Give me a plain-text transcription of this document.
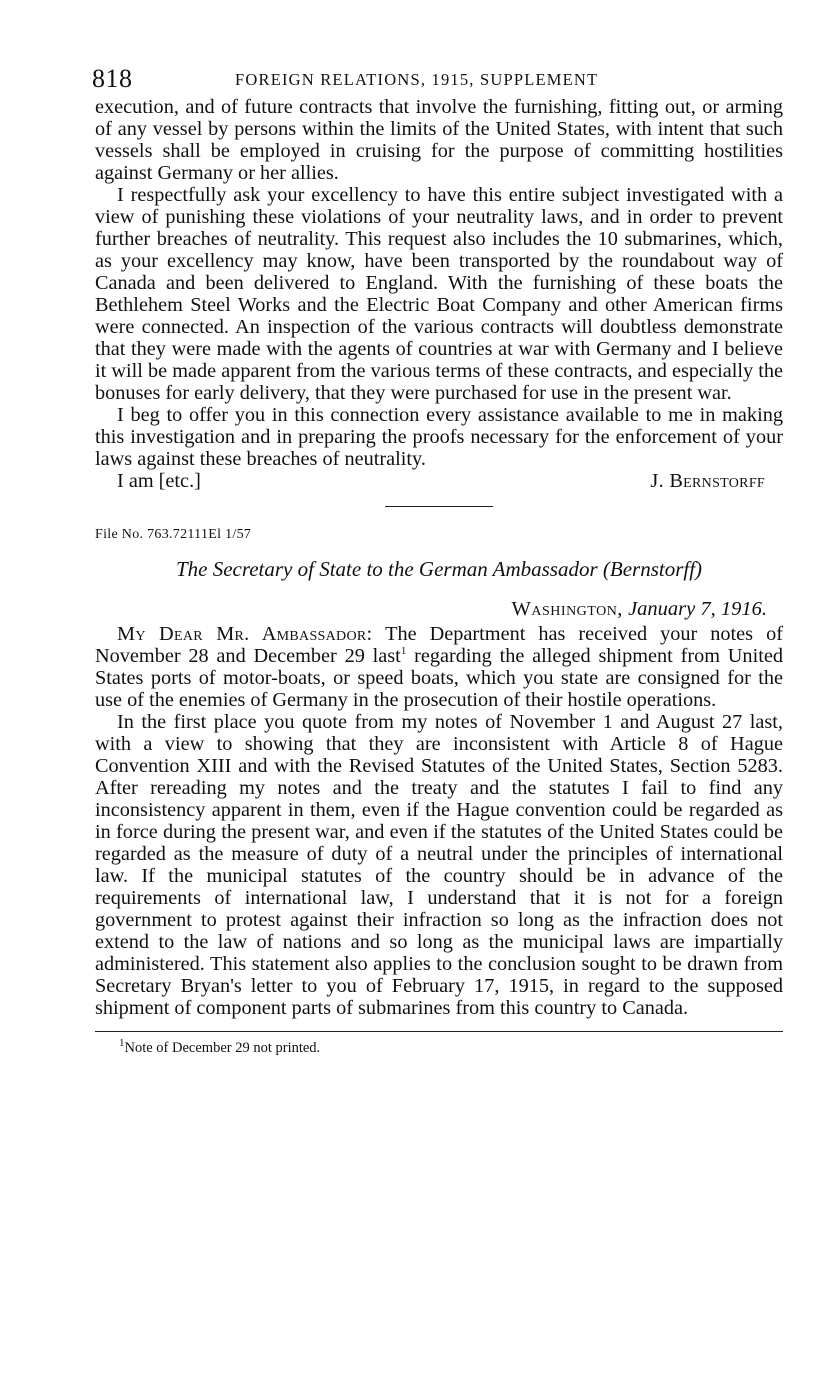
818	FOREIGN RELATIONS, 1915, SUPPLEMENT

execution, and of future contracts that involve the furnishing, fitting out, or arming of any vessel by persons within the limits of the United States, with intent that such vessels shall be employed in cruising for the purpose of committing hostilities against Germany or her allies.

I respectfully ask your excellency to have this entire subject investigated with a view of punishing these violations of your neutrality laws, and in order to prevent further breaches of neutrality. This request also includes the 10 submarines, which, as your excellency may know, have been transported by the roundabout way of Canada and been delivered to England. With the furnishing of these boats the Bethlehem Steel Works and the Electric Boat Company and other American firms were connected. An inspection of the various contracts will doubtless demonstrate that they were made with the agents of countries at war with Germany and I believe it will be made apparent from the various terms of these contracts, and especially the bonuses for early delivery, that they were purchased for use in the present war.

I beg to offer you in this connection every assistance available to me in making this investigation and in preparing the proofs necessary for the enforcement of your laws against these breaches of neutrality.

I am [etc.]	J. Bernstorff
File No. 763.72111El 1/57
The Secretary of State to the German Ambassador (Bernstorff)
Washington, January 7, 1916.

My Dear Mr. Ambassador: The Department has received your notes of November 28 and December 29 last$^1$ regarding the alleged shipment from United States ports of motor-boats, or speed boats, which you state are consigned for the use of the enemies of Germany in the prosecution of their hostile operations.

In the first place you quote from my notes of November 1 and August 27 last, with a view to showing that they are inconsistent with Article 8 of Hague Convention XIII and with the Revised Statutes of the United States, Section 5283. After rereading my notes and the treaty and the statutes I fail to find any inconsistency apparent in them, even if the Hague convention could be regarded as in force during the present war, and even if the statutes of the United States could be regarded as the measure of duty of a neutral under the principles of international law. If the municipal statutes of the country should be in advance of the requirements of international law, I understand that it is not for a foreign government to protest against their infraction so long as the infraction does not extend to the law of nations and so long as the municipal laws are impartially administered. This statement also applies to the conclusion sought to be drawn from Secretary Bryan's letter to you of February 17, 1915, in regard to the supposed shipment of component parts of submarines from this country to Canada.

$^1$Note of December 29 not printed.
